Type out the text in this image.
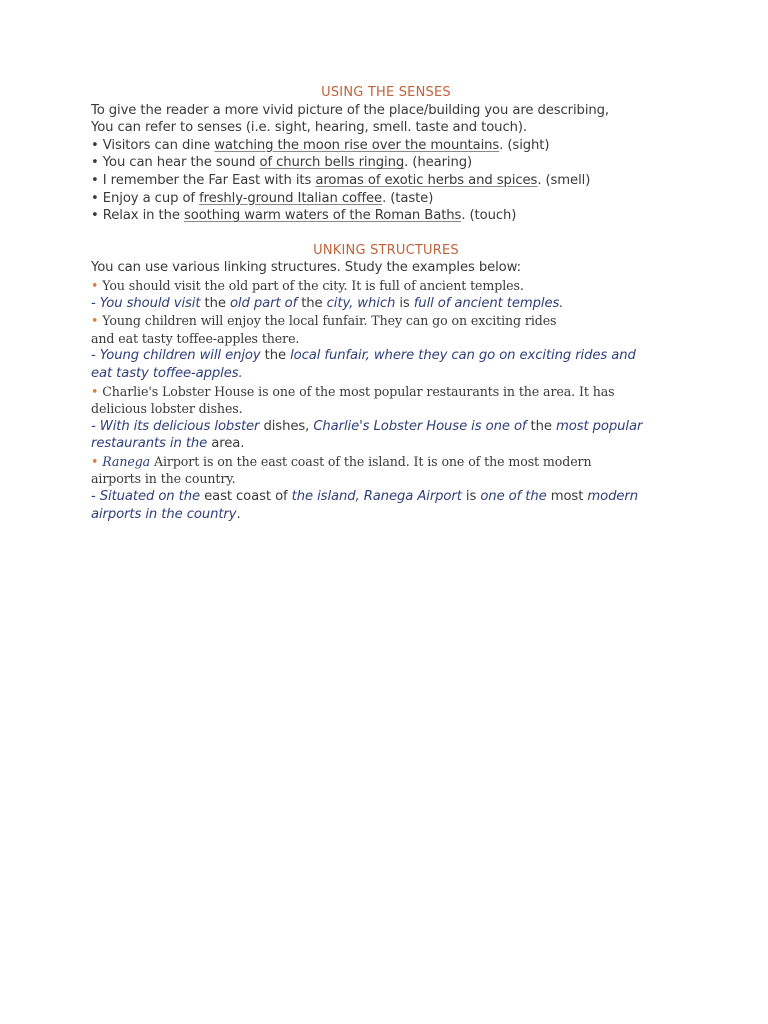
USING THE SENSES

To give the reader a more vivid picture of the place/building you are describing,

You can refer to senses (i.e. sight, hearing, smell. taste and touch).

• Visitors can dine watching the moon rise over the mountains. (sight)

• You can hear the sound of church bells ringing. (hearing)

• I remember the Far East with its aromas of exotic herbs and spices. (smell)

• Enjoy a cup of freshly-ground Italian coffee. (taste)

• Relax in the soothing warm waters of the Roman Baths. (touch)

UNKING STRUCTURES

You can use various linking structures. Study the examples below:

• You should visit the old part of the city. It is full of ancient temples.

- You should visit the old part of the city, which is full of ancient temples.

• Young children will enjoy the local funfair. They can go on exciting rides

and eat tasty toffee-apples there.

- Young children will enjoy the local funfair, where they can go on exciting rides and

eat tasty toffee-apples.

• Charlie's Lobster House is one of the most popular restaurants in the area. It has

delicious lobster dishes.

- With its delicious lobster dishes, Charlie's Lobster House is one of the most popular

restaurants in the area.

• Ranega Airport is on the east coast of the island. It is one of the most modern

airports in the country.

- Situated on the east coast of the island, Ranega Airport is one of the most modern

airports in the country.
